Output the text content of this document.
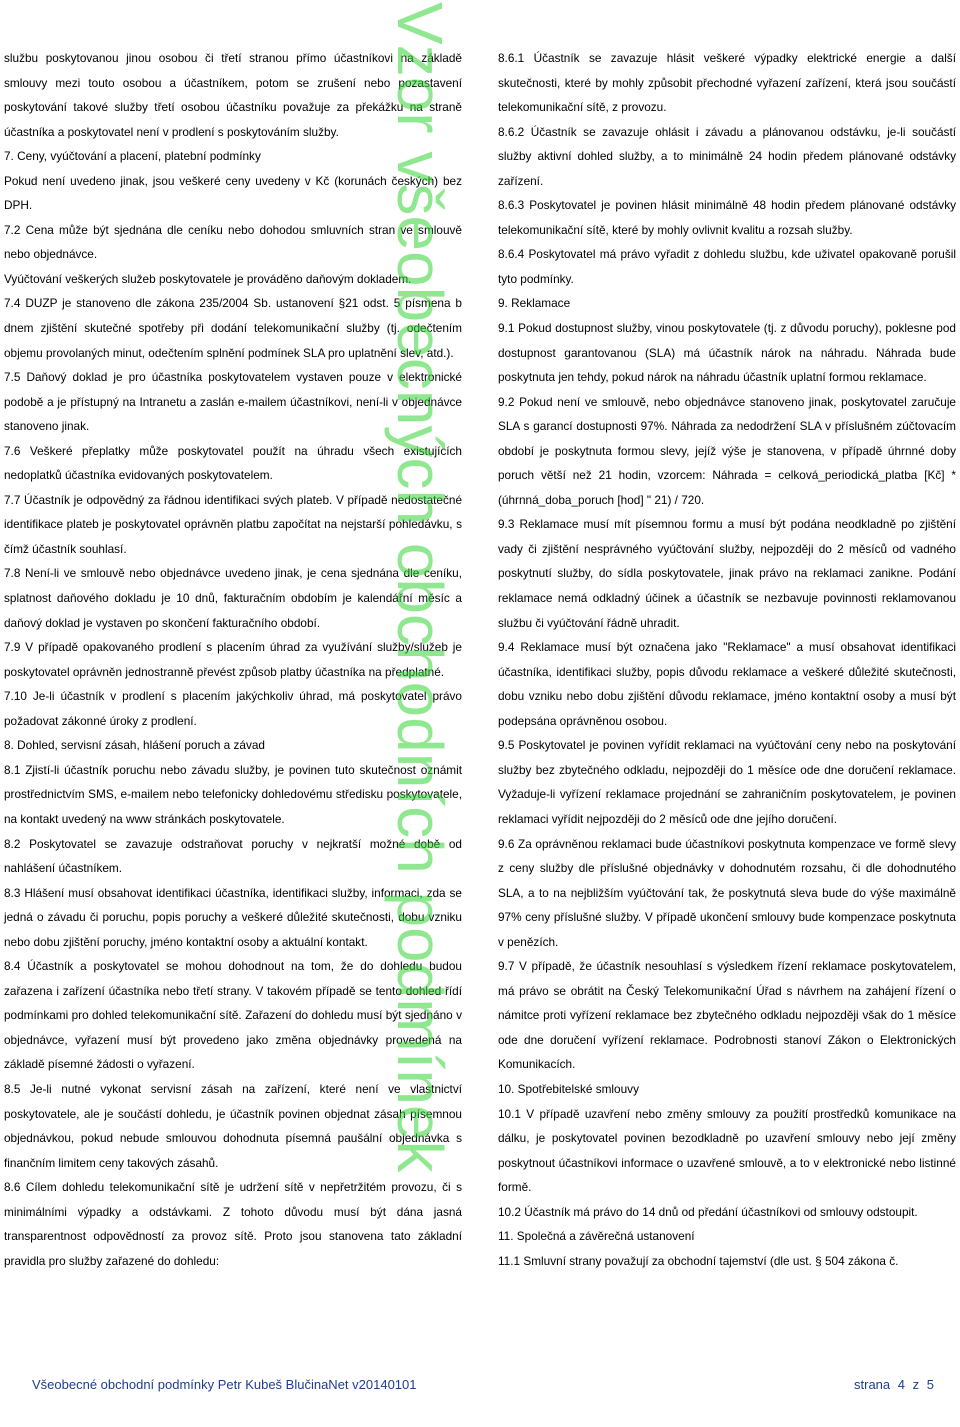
službu poskytovanou jinou osobou či třetí stranou přímo účastníkovi na základě smlouvy mezi touto osobou a účastníkem, potom se zrušení nebo pozastavení poskytování takové služby třetí osobou účastníku považuje za překážku na straně účastníka a poskytovatel není v prodlení s poskytováním služby.

7. Ceny, vyúčtování a placení, platební podmínky

Pokud není uvedeno jinak, jsou veškeré ceny uvedeny v Kč (korunách českých) bez DPH.

7.2 Cena může být sjednána dle ceníku nebo dohodou smluvních stran ve smlouvě nebo objednávce.

Vyúčtování veškerých služeb poskytovatele je prováděno daňovým dokladem.

7.4 DUZP je stanoveno dle zákona 235/2004 Sb. ustanovení §21 odst. 5 písmena b dnem zjištění skutečné spotřeby při dodání telekomunikační služby (tj. odečtením objemu provolaných minut, odečtením splnění podmínek SLA pro uplatnění slev, atd.).

7.5 Daňový doklad je pro účastníka poskytovatelem vystaven pouze v elektronické podobě a je přístupný na Intranetu a zaslán e-mailem účastníkovi, není-li v objednávce stanoveno jinak.

7.6 Veškeré přeplatky může poskytovatel použít na úhradu všech existujících nedoplatků účastníka evidovaných poskytovatelem.

7.7 Účastník je odpovědný za řádnou identifikaci svých plateb. V případě nedostatečné identifikace plateb je poskytovatel oprávněn platbu započítat na nejstarší pohledávku, s čímž účastník souhlasí.

7.8 Není-li ve smlouvě nebo objednávce uvedeno jinak, je cena sjednána dle ceníku, splatnost daňového dokladu je 10 dnů, fakturačním obdobím je kalendářní měsíc a daňový doklad je vystaven po skončení fakturačního období.

7.9 V případě opakovaného prodlení s placením úhrad za využívání služby/služeb je poskytovatel oprávněn jednostranně převést způsob platby účastníka na předplatné.

7.10 Je-li účastník v prodlení s placením jakýchkoliv úhrad, má poskytovatel právo požadovat zákonné úroky z prodlení.

8. Dohled, servisní zásah, hlášení poruch a závad

8.1 Zjistí-li účastník poruchu nebo závadu služby, je povinen tuto skutečnost oznámit prostřednictvím SMS, e-mailem nebo telefonicky dohledovému středisku poskytovatele, na kontakt uvedený na www stránkách poskytovatele.

8.2 Poskytovatel se zavazuje odstraňovat poruchy v nejkratší možné době od nahlášení účastníkem.

8.3 Hlášení musí obsahovat identifikaci účastníka, identifikaci služby, informaci, zda se jedná o závadu či poruchu, popis poruchy a veškeré důležité skutečnosti, dobu vzniku nebo dobu zjištění poruchy, jméno kontaktní osoby a aktuální kontakt.

8.4 Účastník a poskytovatel se mohou dohodnout na tom, že do dohledu budou zařazena i zařízení účastníka nebo třetí strany. V takovém případě se tento dohled řídí podmínkami pro dohled telekomunikační sítě. Zařazení do dohledu musí být sjednáno v objednávce, vyřazení musí být provedeno jako změna objednávky provedená na základě písemné žádosti o vyřazení.

8.5 Je-li nutné vykonat servisní zásah na zařízení, které není ve vlastnictví poskytovatele, ale je součástí dohledu, je účastník povinen objednat zásah písemnou objednávkou, pokud nebude smlouvou dohodnuta písemná paušální objednávka s finančním limitem ceny takových zásahů.

8.6 Cílem dohledu telekomunikační sítě je udržení sítě v nepřetržitém provozu, či s minimálními výpadky a odstávkami. Z tohoto důvodu musí být dána jasná transparentnost odpovědností za provoz sítě. Proto jsou stanovena tato základní pravidla pro služby zařazené do dohledu:

8.6.1 Účastník se zavazuje hlásit veškeré výpadky elektrické energie a další skutečnosti, které by mohly způsobit přechodné vyřazení zařízení, která jsou součástí telekomunikační sítě, z provozu.

8.6.2 Účastník se zavazuje ohlásit i závadu a plánovanou odstávku, je-li součástí služby aktivní dohled služby, a to minimálně 24 hodin předem plánované odstávky zařízení.

8.6.3 Poskytovatel je povinen hlásit minimálně 48 hodin předem plánované odstávky telekomunikační sítě, které by mohly ovlivnit kvalitu a rozsah služby.

8.6.4 Poskytovatel má právo vyřadit z dohledu službu, kde uživatel opakovaně porušil tyto podmínky.

9. Reklamace

9.1 Pokud dostupnost služby, vinou poskytovatele (tj. z důvodu poruchy), poklesne pod dostupnost garantovanou (SLA) má účastník nárok na náhradu. Náhrada bude poskytnuta jen tehdy, pokud nárok na náhradu účastník uplatní formou reklamace.

9.2 Pokud není ve smlouvě, nebo objednávce stanoveno jinak, poskytovatel zaručuje SLA s garancí dostupnosti 97%. Náhrada za nedodržení SLA v příslušném zúčtovacím období je poskytnuta formou slevy, jejíž výše je stanovena, v případě úhrnné doby poruch větší než 21 hodin, vzorcem: Náhrada = celková_periodická_platba [Kč] * (úhrnná_doba_poruch [hod] " 21) / 720.

9.3 Reklamace musí mít písemnou formu a musí být podána neodkladně po zjištění vady či zjištění nesprávného vyúčtování služby, nejpozději do 2 měsíců od vadného poskytnutí služby, do sídla poskytovatele, jinak právo na reklamaci zanikne. Podání reklamace nemá odkladný účinek a účastník se nezbavuje povinnosti reklamovanou službu či vyúčtování řádně uhradit.

9.4 Reklamace musí být označena jako "Reklamace" a musí obsahovat identifikaci účastníka, identifikaci služby, popis důvodu reklamace a veškeré důležité skutečnosti, dobu vzniku nebo dobu zjištění důvodu reklamace, jméno kontaktní osoby a musí být podepsána oprávněnou osobou.

9.5 Poskytovatel je povinen vyřídit reklamaci na vyúčtování ceny nebo na poskytování služby bez zbytečného odkladu, nejpozději do 1 měsíce ode dne doručení reklamace. Vyžaduje-li vyřízení reklamace projednání se zahraničním poskytovatelem, je povinen reklamaci vyřídit nejpozději do 2 měsíců ode dne jejího doručení.

9.6 Za oprávněnou reklamaci bude účastníkovi poskytnuta kompenzace ve formě slevy z ceny služby dle příslušné objednávky v dohodnutém rozsahu, či dle dohodnutého SLA, a to na nejbližším vyúčtování tak, že poskytnutá sleva bude do výše maximálně 97% ceny příslušné služby. V případě ukončení smlouvy bude kompenzace poskytnuta v penězích.

9.7 V případě, že účastník nesouhlasí s výsledkem řízení reklamace poskytovatelem, má právo se obrátit na Český Telekomunikační Úřad s návrhem na zahájení řízení o námitce proti vyřízení reklamace bez zbytečného odkladu nejpozději však do 1 měsíce ode dne doručení vyřízení reklamace. Podrobnosti stanoví Zákon o Elektronických Komunikacích.

10. Spotřebitelské smlouvy

10.1 V případě uzavření nebo změny smlouvy za použití prostředků komunikace na dálku, je poskytovatel povinen bezodkladně po uzavření smlouvy nebo její změny poskytnout účastníkovi informace o uzavřené smlouvě, a to v elektronické nebo listinné formě.

10.2 Účastník má právo do 14 dnů od předání účastníkovi od smlouvy odstoupit.

11. Společná a závěrečná ustanovení

11.1 Smluvní strany považují za obchodní tajemství (dle ust. § 504 zákona č.

Vzor všeobecných obchodních podmínek
Všeobecné obchodní podmínky Petr Kubeš BlučinaNet v20140101	strana 4 z 5
